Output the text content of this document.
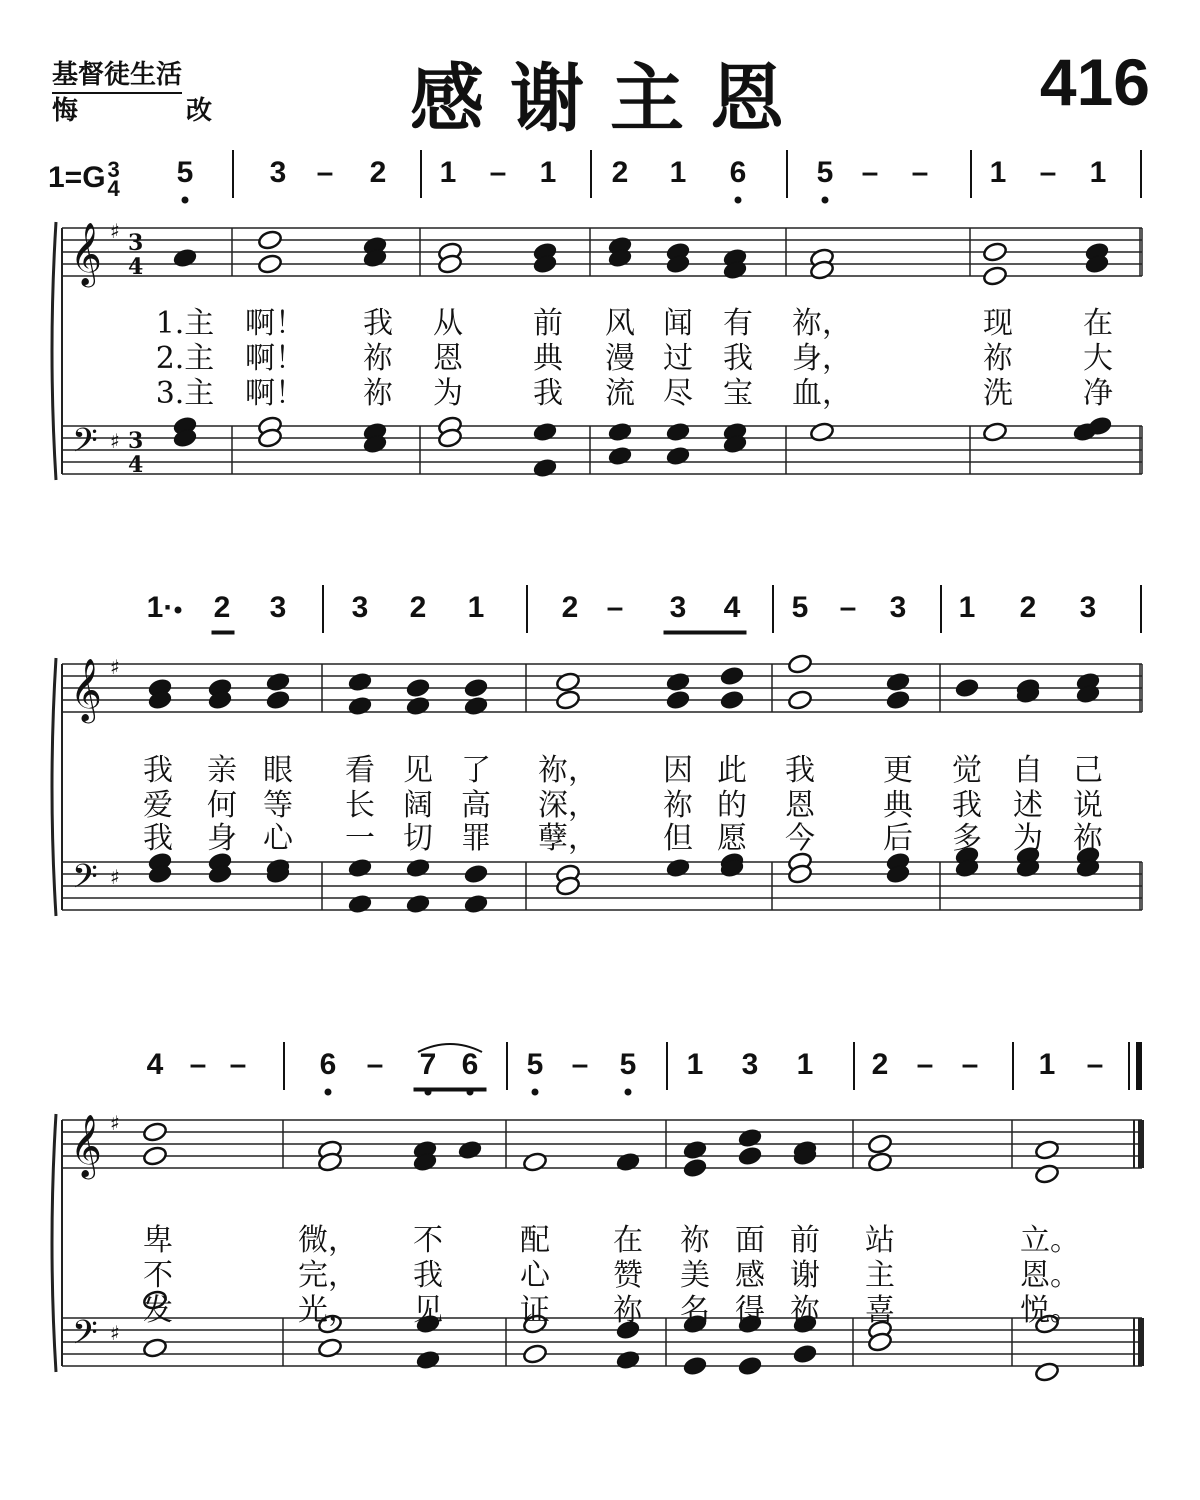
基督徒生活
悔	改	感谢主恩	416
1=G3
4
𝄞
𝄢
♯
♯
3
4
3
4
𝄞
𝄢
♯
♯
𝄞
𝄢
♯
♯
5	3	–	2	1	–	1	2	1	6	5 –	–	1	–	1
1.主 啊！	我	从	前	风 闻	有	祢，	现	在
2.主 啊！	祢	恩	典	漫 过	我	身，	祢	大
3.主 啊！	祢	为	我	流 尽	宝	血，	洗	净
1·	2	3	3	2	1	2 –	3	4	5	–	3	1	2	3
我	亲 眼	看 见 了	祢，	因 此	我	更	觉	自	己
爱	何 等	长 阔 高	深，	祢 的	恩	典	我	述	说
我	身 心	一 切 罪	孽，	但 愿	今	后	多	为	祢
4 – –	6	–	7 6	5 –	5	1	3	1	2 – –	1	–
卑	微，	不	配	在	祢 面 前	站	立。
不	完，	我	心	赞	美 感 谢	主	恩。
发	光，	见	证	祢	名 得 祢	喜	悦。
